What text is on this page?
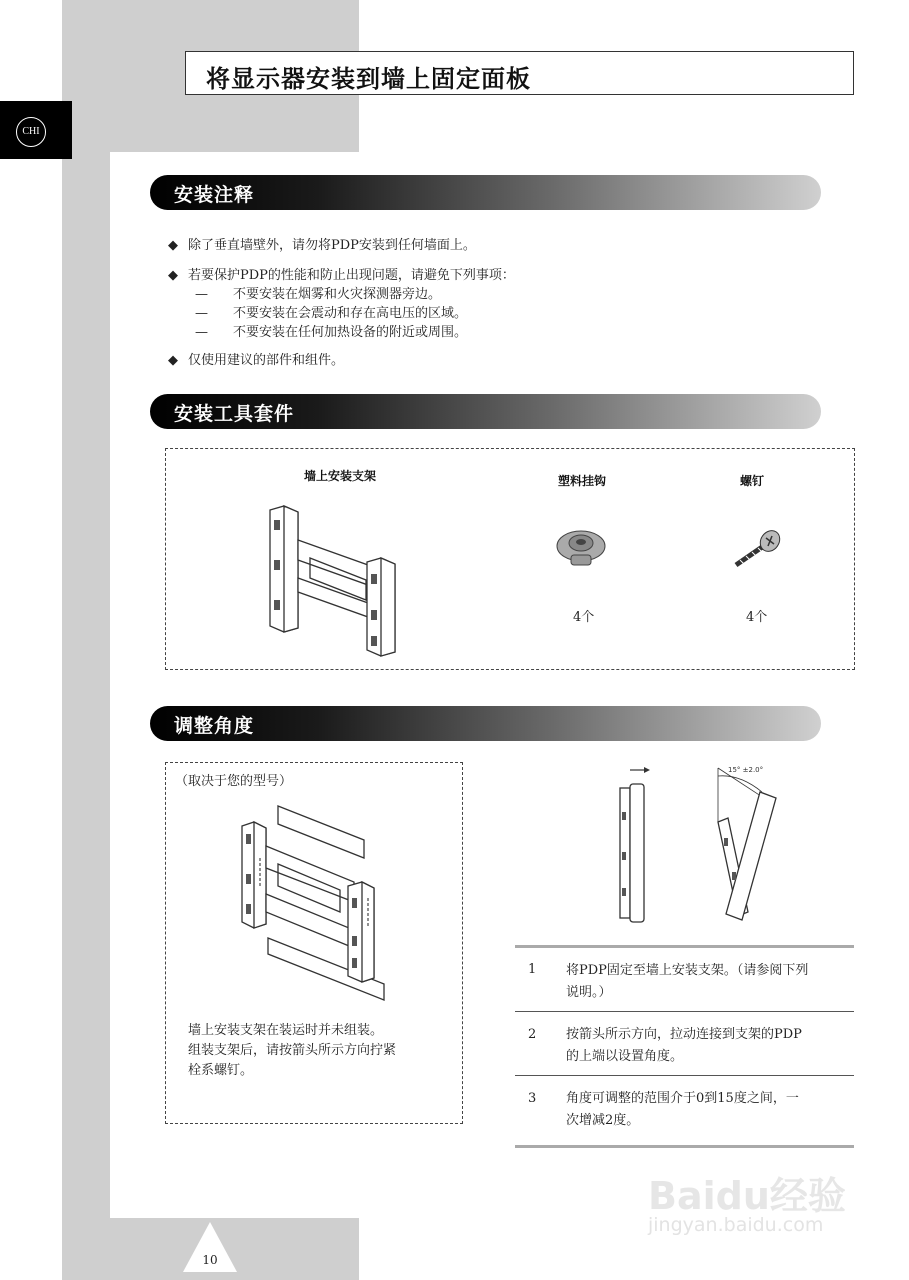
CHI
将显示器安装到墙上固定面板
安装注释
◆ 除了垂直墙壁外，请勿将PDP安装到任何墙面上。
◆ 若要保护PDP的性能和防止出现问题，请避免下列事项：
— 不要安装在烟雾和火灾探测器旁边。
— 不要安装在会震动和存在高电压的区域。
— 不要安装在任何加热设备的附近或周围。
◆ 仅使用建议的部件和组件。
安装工具套件
墙上安装支架	塑料挂钩	螺钉
4个	4个
调整角度
（取决于您的型号）
墙上安装支架在装运时并未组装。
组装支架后，请按箭头所示方向拧紧
栓系螺钉。
15° ±2.0°
1 将PDP固定至墙上安装支架。（请参阅下列
说明。）
2 按箭头所示方向，拉动连接到支架的PDP
的上端以设置角度。
3 角度可调整的范围介于0到15度之间，一
次增减2度。
10
Baidu经验
jingyan.baidu.com
